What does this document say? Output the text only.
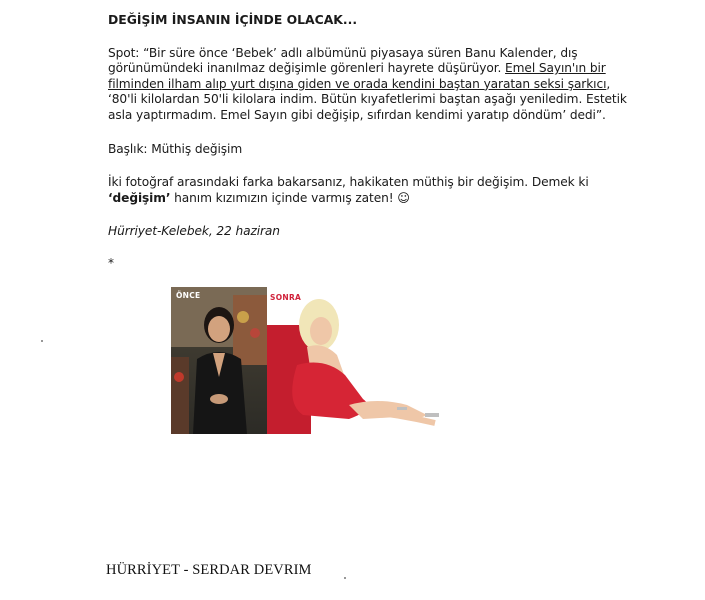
DEĞİŞİM İNSANIN İÇİNDE OLACAK...

Spot: “Bir süre önce ‘Bebek’ adlı albümünü piyasaya süren Banu Kalender, dış görünümündeki inanılmaz değişimle görenleri hayrete düşürüyor. Emel Sayın'ın bir filminden ilham alıp yurt dışına giden ve orada kendini baştan yaratan seksi şarkıcı, ‘80'li kilolardan 50'li kilolara indim. Bütün kıyafetlerimi baştan aşağı yeniledim. Estetik asla yaptırmadım. Emel Sayın gibi değişip, sıfırdan kendimi yaratıp döndüm’ dedi”.

Başlık: Müthiş değişim

İki fotoğraf arasındaki farka bakarsanız, hakikaten müthiş bir değişim. Demek ki ‘değişim’ hanım kızımızın içinde varmış zaten! ☺

Hürriyet-Kelebek, 22 haziran

*

ÖNCE	SONRA
HÜRRİYET - SERDAR DEVRIM
